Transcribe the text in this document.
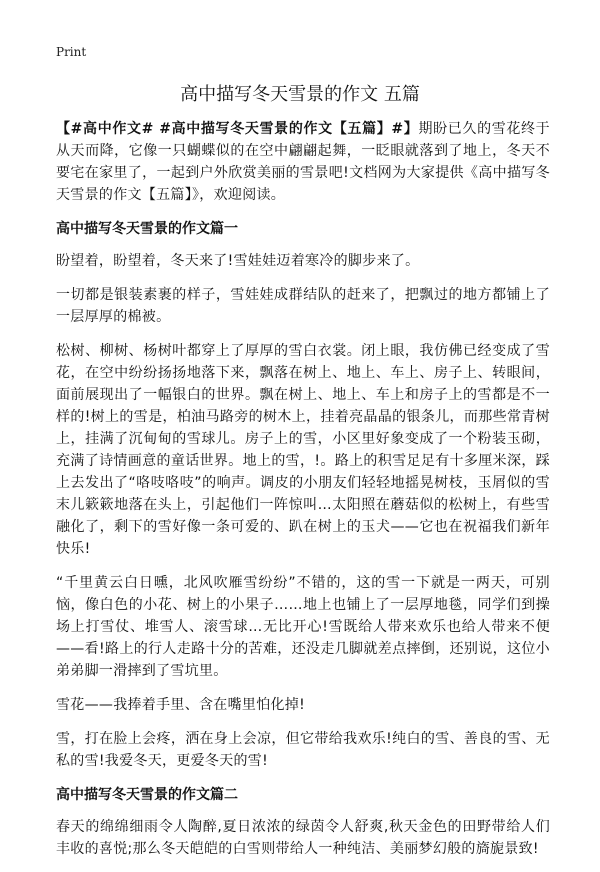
Print
高中描写冬天雪景的作文 五篇

【#高中作文# #高中描写冬天雪景的作文【五篇】#】期盼已久的雪花终于从天而降，它像一只蝴蝶似的在空中翩翩起舞，一眨眼就落到了地上，冬天不要宅在家里了，一起到户外欣赏美丽的雪景吧!文档网为大家提供《高中描写冬天雪景的作文【五篇】》，欢迎阅读。

高中描写冬天雪景的作文篇一

盼望着，盼望着，冬天来了!雪娃娃迈着寒冷的脚步来了。

一切都是银装素裹的样子，雪娃娃成群结队的赶来了，把飘过的地方都铺上了一层厚厚的棉被。

松树、柳树、杨树叶都穿上了厚厚的雪白衣裳。闭上眼，我仿佛已经变成了雪花，在空中纷纷扬扬地落下来，飘落在树上、地上、车上、房子上、转眼间，面前展现出了一幅银白的世界。飘在树上、地上、车上和房子上的雪都是不一样的!树上的雪是，柏油马路旁的树木上，挂着亮晶晶的银条儿，而那些常青树上，挂满了沉甸甸的雪球儿。房子上的雪，小区里好象变成了一个粉装玉砌，充满了诗情画意的童话世界。地上的雪，!。路上的积雪足足有十多厘米深，踩上去发出了“咯吱咯吱”的响声。调皮的小朋友们轻轻地摇晃树枝，玉屑似的雪末儿簌簌地落在头上，引起他们一阵惊叫…太阳照在蘑菇似的松树上，有些雪融化了，剩下的雪好像一条可爱的、趴在树上的玉犬——它也在祝福我们新年快乐!

“千里黄云白日曛，北风吹雁雪纷纷”不错的，这的雪一下就是一两天，可别恼，像白色的小花、树上的小果子……地上也铺上了一层厚地毯，同学们到操场上打雪仗、堆雪人、滚雪球…无比开心!雪既给人带来欢乐也给人带来不便——看!路上的行人走路十分的苦难，还没走几脚就差点摔倒，还别说，这位小弟弟脚一滑摔到了雪坑里。

雪花——我捧着手里、含在嘴里怕化掉!

雪，打在脸上会疼，洒在身上会凉，但它带给我欢乐!纯白的雪、善良的雪、无私的雪!我爱冬天，更爱冬天的雪!

高中描写冬天雪景的作文篇二

春天的绵绵细雨令人陶醉,夏日浓浓的绿茵令人舒爽,秋天金色的田野带给人们丰收的喜悦;那么冬天皑皑的白雪则带给人一种纯洁、美丽梦幻般的旖旎景致!
